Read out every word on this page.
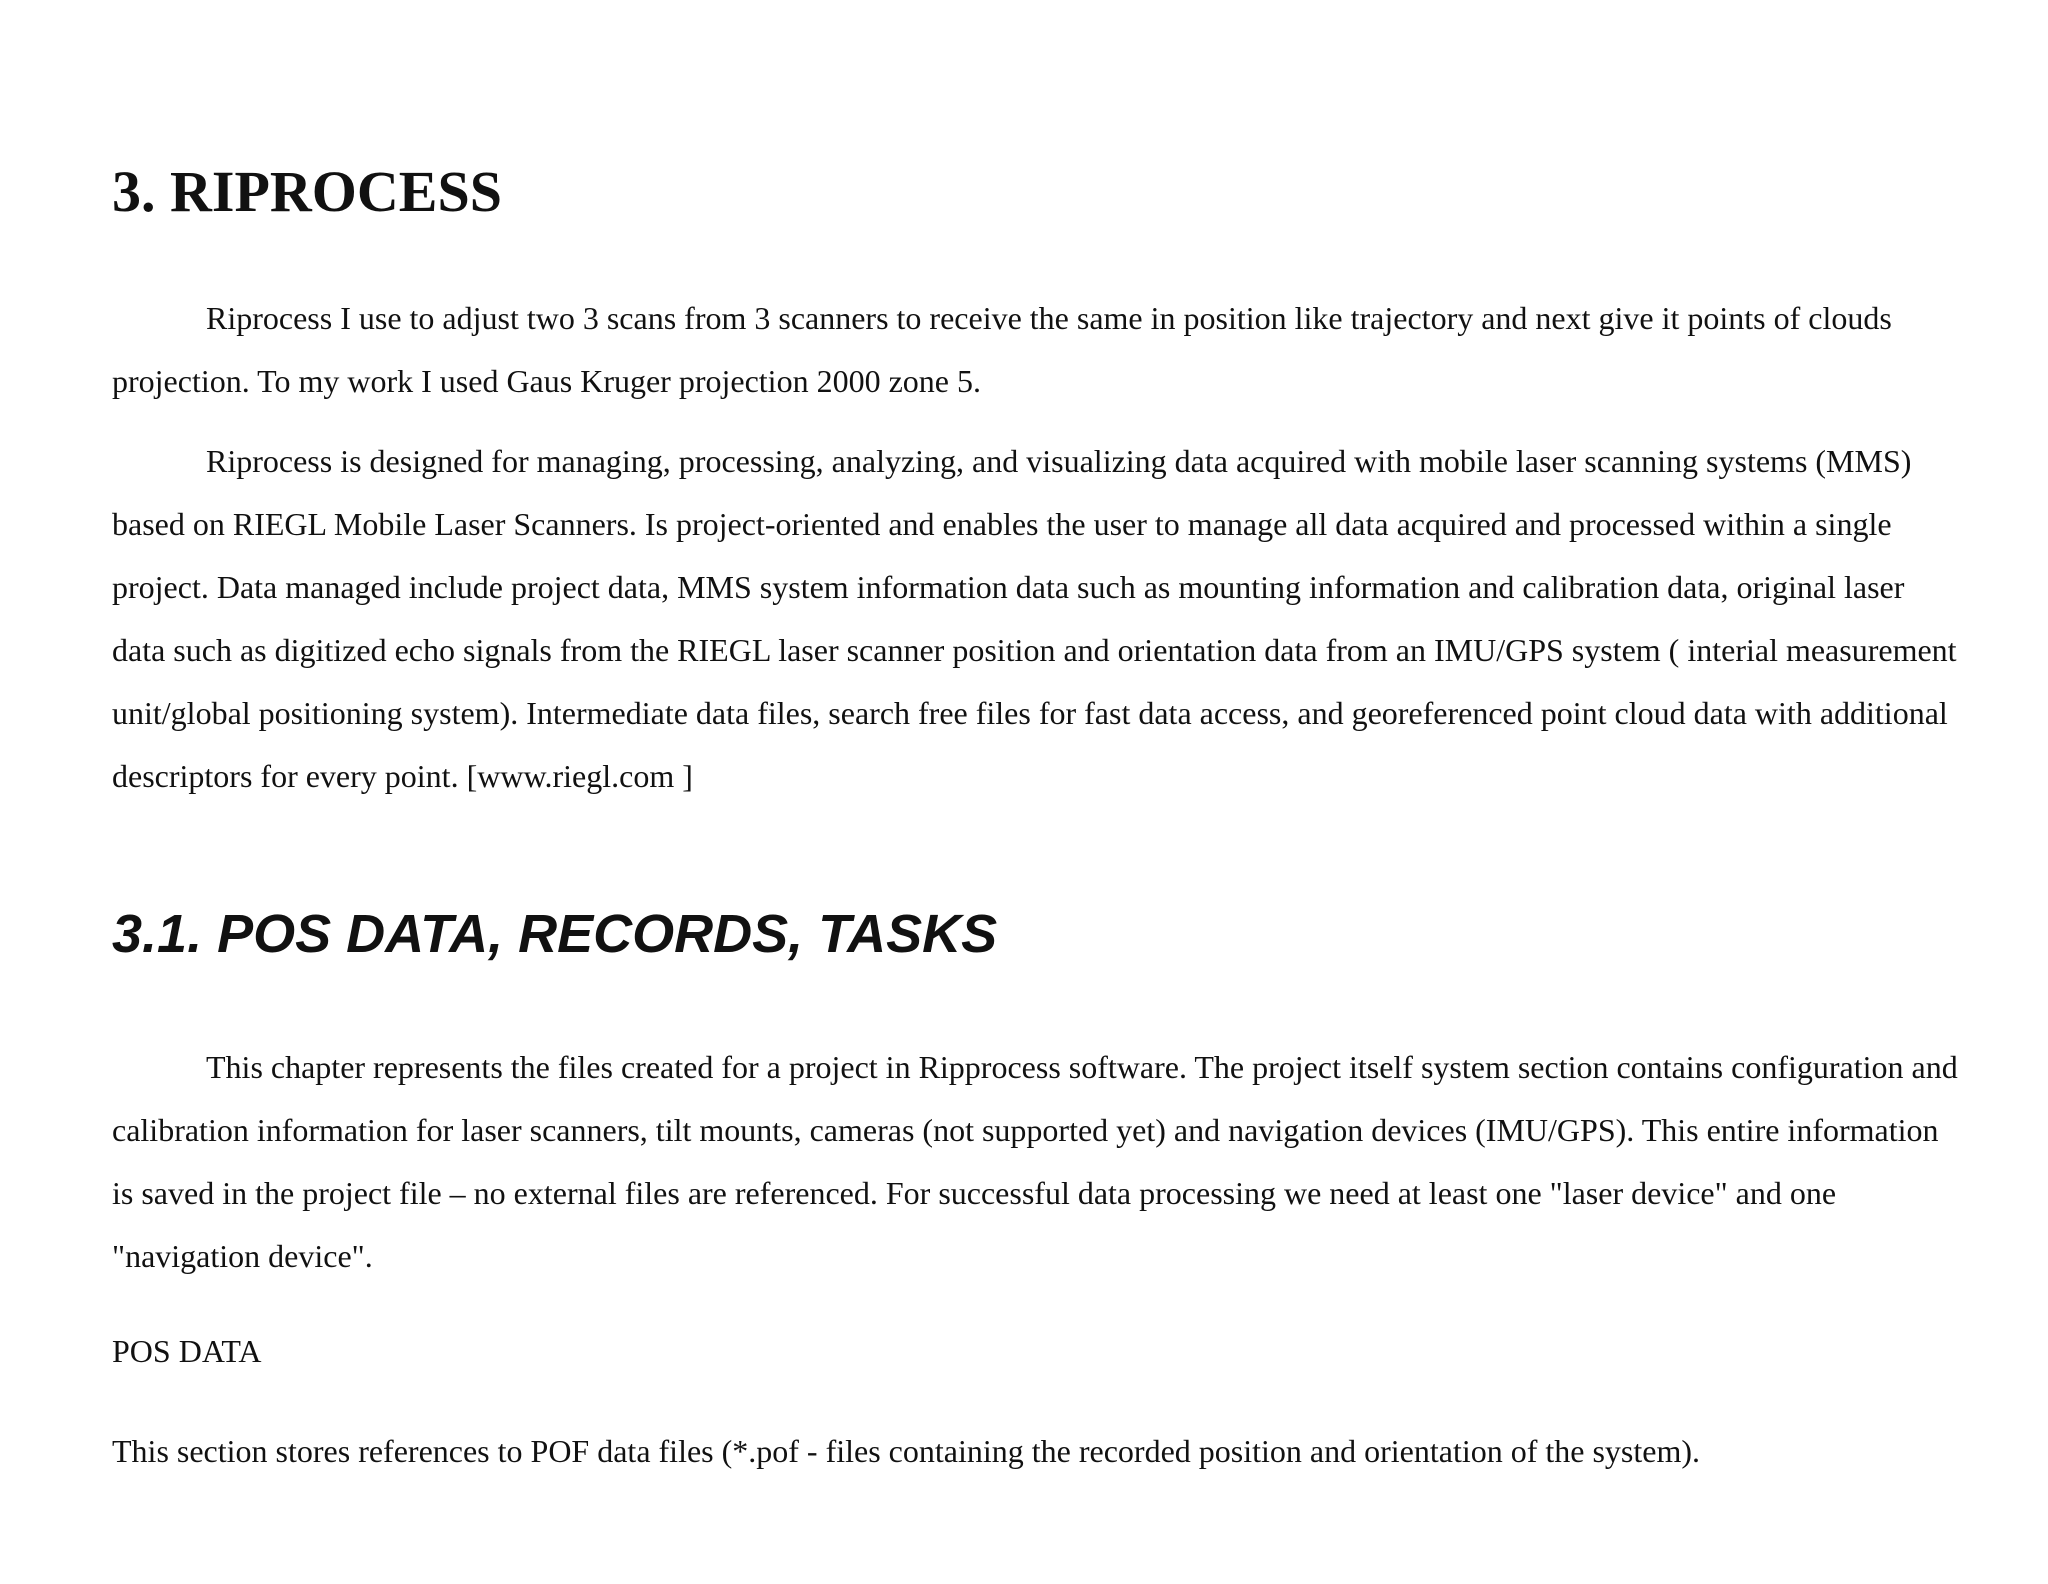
3. RIPROCESS

Riprocess I use to adjust two 3 scans from 3 scanners to receive the same in position like trajectory and next give it points of clouds projection. To my work I used Gaus Kruger projection 2000 zone 5.

Riprocess is designed for managing, processing, analyzing, and visualizing data acquired with mobile laser scanning systems (MMS) based on RIEGL Mobile Laser Scanners. Is project-oriented and enables the user to manage all data acquired and processed within a single project. Data managed include project data, MMS system information data such as mounting information and calibration data, original laser data such as digitized echo signals from the RIEGL laser scanner position and orientation data from an IMU/GPS system ( interial measurement unit/global positioning system). Intermediate data files, search free files for fast data access, and georeferenced point cloud data with additional descriptors for every point. [www.riegl.com ]

3.1. POS DATA, RECORDS, TASKS

This chapter represents the files created for a project in Ripprocess software. The project itself system section contains configuration and calibration information for laser scanners, tilt mounts, cameras (not supported yet) and navigation devices (IMU/GPS). This entire information is saved in the project file – no external files are referenced. For successful data processing we need at least one "laser device" and one "navigation device".

POS DATA

This section stores references to POF data files (*.pof - files containing the recorded position and orientation of the system).
